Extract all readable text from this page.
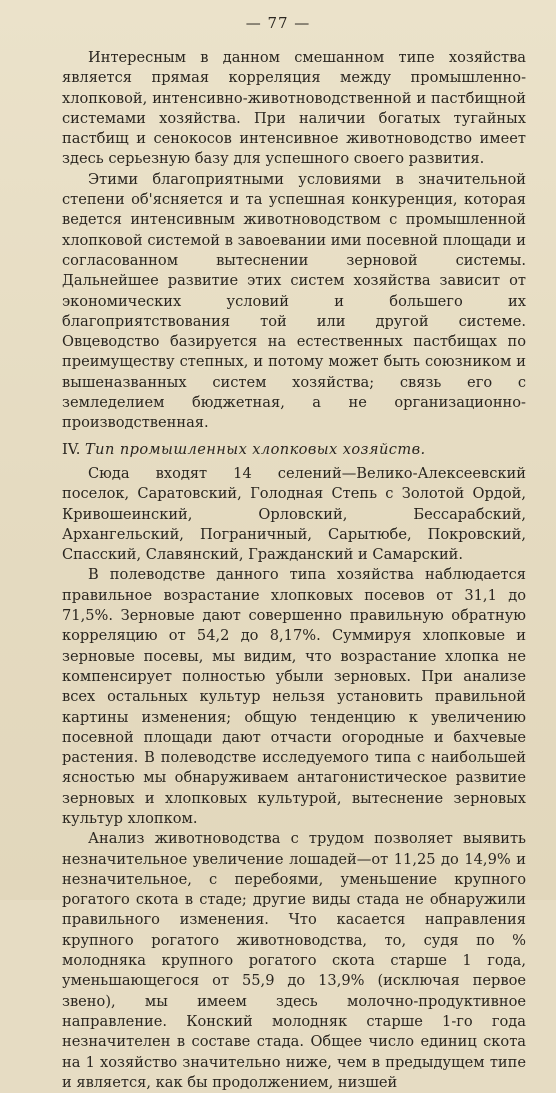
— 77 —

Интересным в данном смешанном типе хозяйства является прямая корреляция между промышленно-хлопковой, интенсивно-животноводственной и пастбищной системами хозяйства. При наличии богатых тугайных пастбищ и сенокосов интенсивное животноводство имеет здесь серьезную базу для успешного своего развития.

Этими благоприятными условиями в значительной степени об'ясняется и та успешная конкуренция, которая ведется интенсивным животноводством с промышленной хлопковой системой в завоевании ими посевной площади и согласованном вытеснении зерновой системы. Дальнейшее развитие этих систем хозяйства зависит от экономических условий и большего их благоприятствования той или другой системе. Овцеводство базируется на естественных пастбищах по преимуществу степных, и потому может быть союзником и вышеназванных систем хозяйства; связь его с земледелием бюджетная, а не организационно-производственная.

IV. Тип промышленных хлопковых хозяйств.

Сюда входят 14 селений—Велико-Алексеевский поселок, Саратовский, Голодная Степь с Золотой Ордой, Кривошеинский, Орловский, Бессарабский, Архангельский, Пограничный, Сарытюбе, Покровский, Спасский, Славянский, Гражданский и Самарский.

В полеводстве данного типа хозяйства наблюдается правильное возрастание хлопковых посевов от 31,1 до 71,5%. Зерновые дают совершенно правильную обратную корреляцию от 54,2 до 8,17%. Суммируя хлопковые и зерновые посевы, мы видим, что возрастание хлопка не компенсирует полностью убыли зерновых. При анализе всех остальных культур нельзя установить правильной картины изменения; общую тенденцию к увеличению посевной площади дают отчасти огородные и бахчевые растения. В полеводстве исследуемого типа с наибольшей ясностью мы обнаруживаем антагонистическое развитие зерновых и хлопковых культурой, вытеснение зерновых культур хлопком.

Анализ животноводства с трудом позволяет выявить незначительное увеличение лошадей—от 11,25 до 14,9% и незначительное, с перебоями, уменьшение крупного рогатого скота в стаде; другие виды стада не обнаружили правильного изменения. Что касается направления крупного рогатого животноводства, то, судя по % молодняка крупного рогатого скота старше 1 года, уменьшающегося от 55,9 до 13,9% (исключая первое звено), мы имеем здесь молочно-продуктивное направление. Конский молодняк старше 1-го года незначителен в составе стада. Общее число единиц скота на 1 хозяйство значительно ниже, чем в предыдущем типе и является, как бы продолжением, низшей
